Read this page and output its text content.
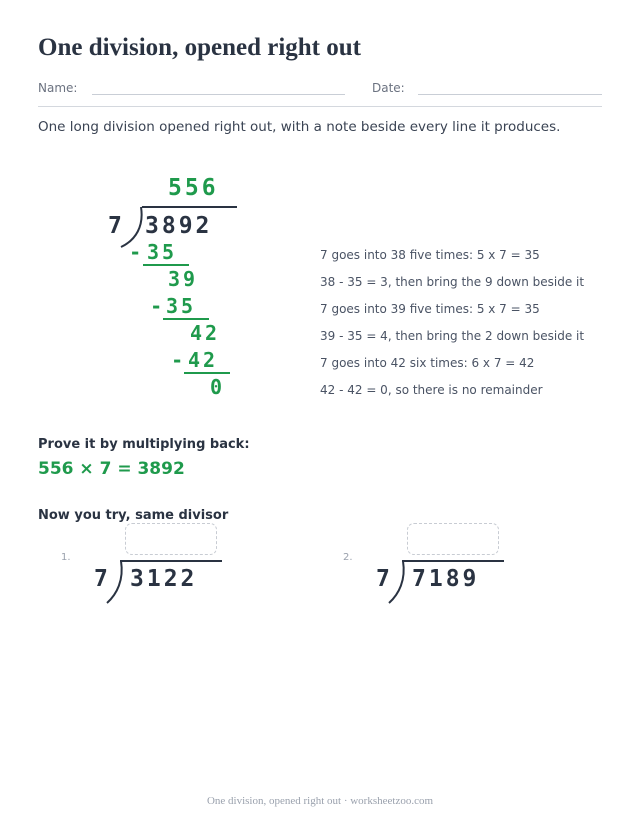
One division, opened right out
Name:	Date:
One long division opened right out, with a note beside every line it produces.
556
7 3892
- 35
39
- 35
42
- 42
0
7 goes into 38 five times: 5 x 7 = 35
38 - 35 = 3, then bring the 9 down beside it
7 goes into 39 five times: 5 x 7 = 35
39 - 35 = 4, then bring the 2 down beside it
7 goes into 42 six times: 6 x 7 = 42
42 - 42 = 0, so there is no remainder
Prove it by multiplying back:
556 × 7 = 3892
Now you try, same divisor
1.
7 3122
2.
7 7189
One division, opened right out · worksheetzoo.com
